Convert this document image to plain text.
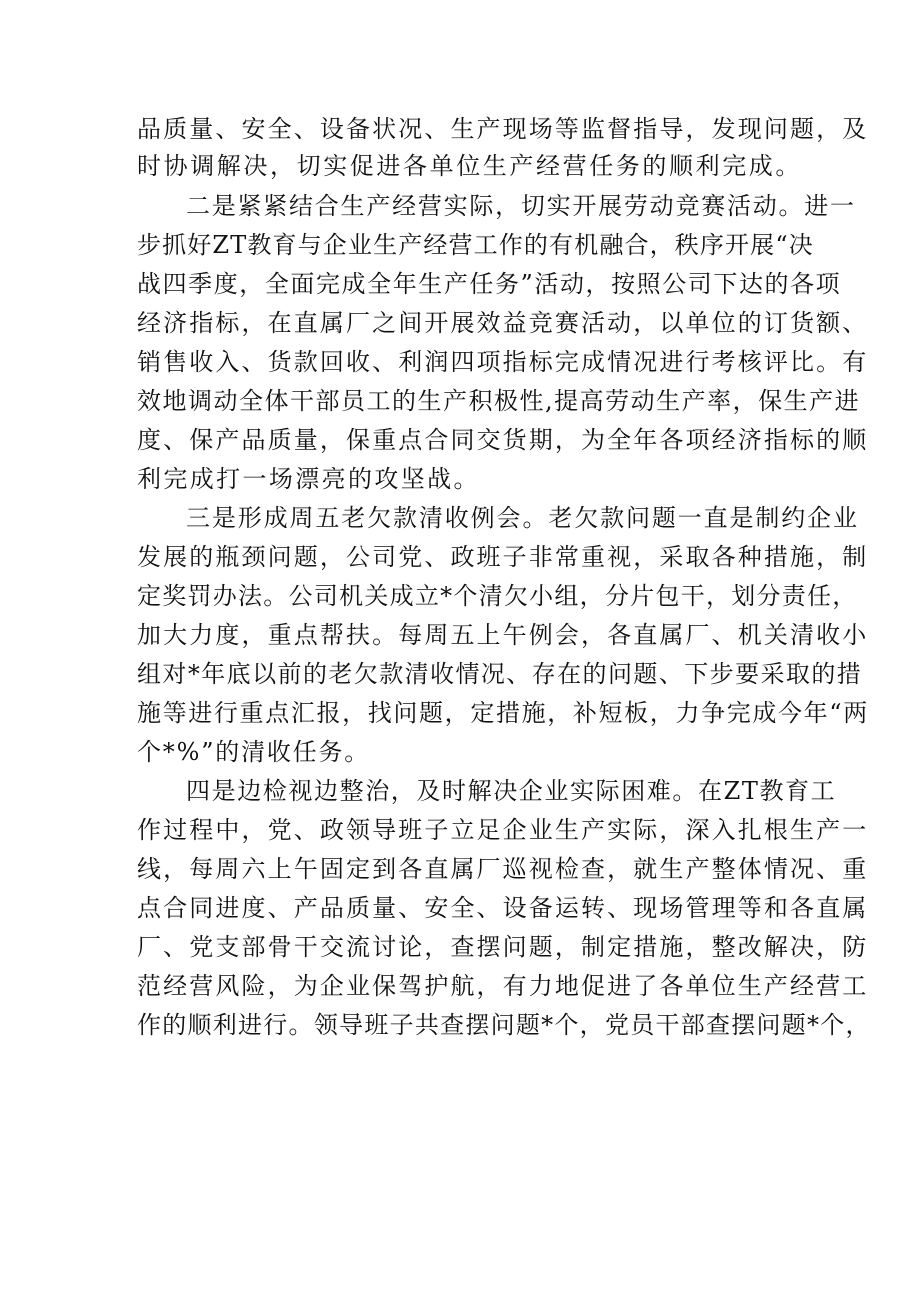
品质量、安全、设备状况、生产现场等监督指导，发现问题，及
时协调解决，切实促进各单位生产经营任务的顺利完成。
二是紧紧结合生产经营实际，切实开展劳动竞赛活动。进一
步抓好ZT教育与企业生产经营工作的有机融合，秩序开展“决
战四季度，全面完成全年生产任务”活动，按照公司下达的各项
经济指标，在直属厂之间开展效益竞赛活动，以单位的订货额、
销售收入、货款回收、利润四项指标完成情况进行考核评比。有
效地调动全体干部员工的生产积极性,提高劳动生产率，保生产进
度、保产品质量，保重点合同交货期，为全年各项经济指标的顺
利完成打一场漂亮的攻坚战。
三是形成周五老欠款清收例会。老欠款问题一直是制约企业
发展的瓶颈问题，公司党、政班子非常重视，采取各种措施，制
定奖罚办法。公司机关成立*个清欠小组，分片包干，划分责任，
加大力度，重点帮扶。每周五上午例会，各直属厂、机关清收小
组对*年底以前的老欠款清收情况、存在的问题、下步要采取的措
施等进行重点汇报，找问题，定措施，补短板，力争完成今年“两
个*%”的清收任务。
四是边检视边整治，及时解决企业实际困难。在ZT教育工
作过程中，党、政领导班子立足企业生产实际，深入扎根生产一
线，每周六上午固定到各直属厂巡视检查，就生产整体情况、重
点合同进度、产品质量、安全、设备运转、现场管理等和各直属
厂、党支部骨干交流讨论，查摆问题，制定措施，整改解决，防
范经营风险，为企业保驾护航，有力地促进了各单位生产经营工
作的顺利进行。领导班子共查摆问题*个，党员干部查摆问题*个，
